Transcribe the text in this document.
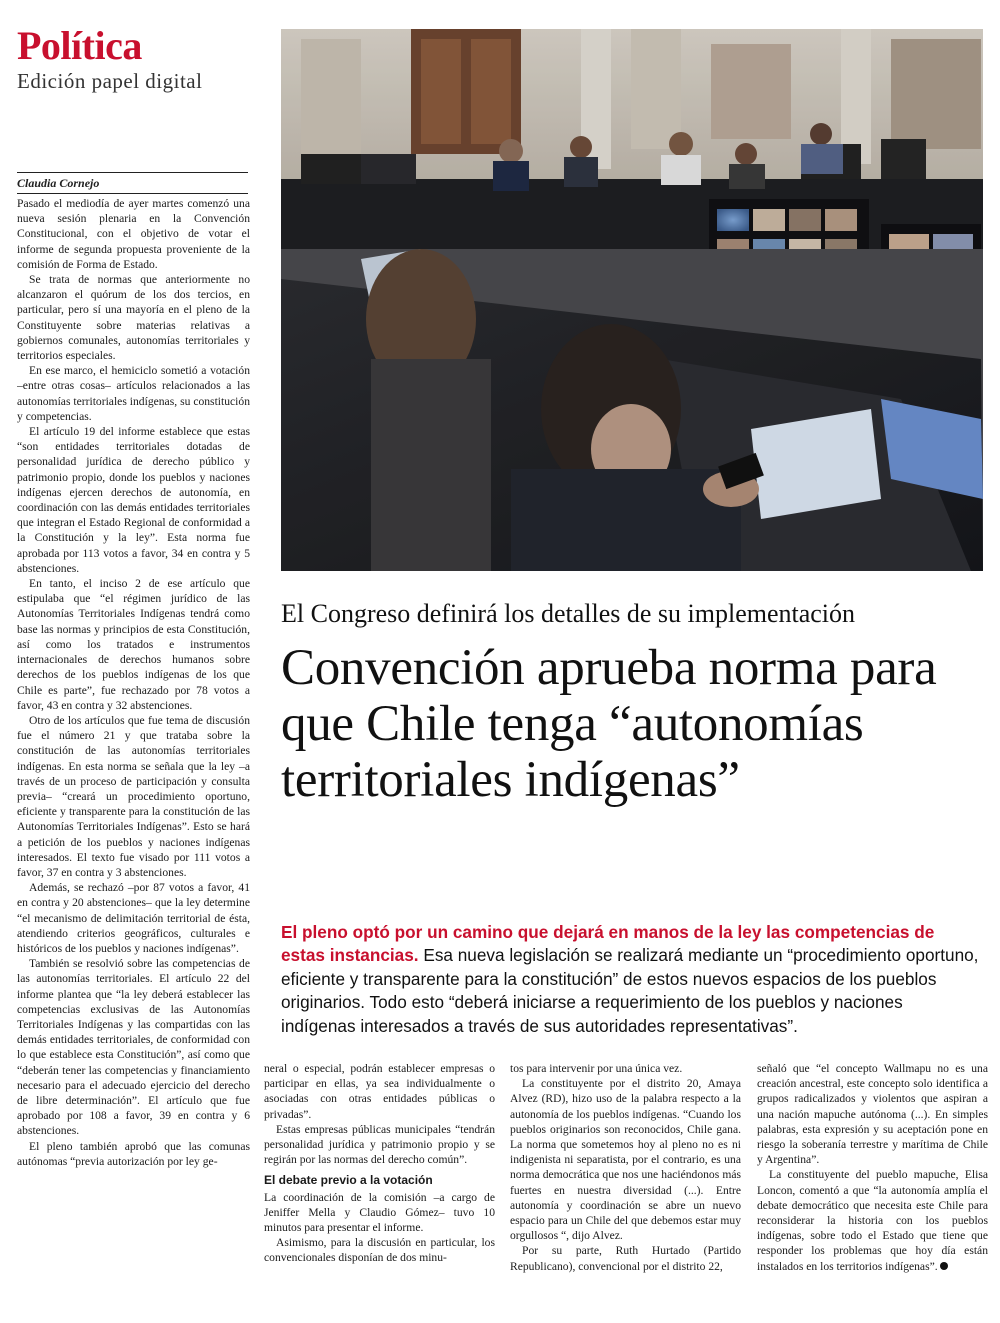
Política
Edición papel digital
Claudia Cornejo

Pasado el mediodía de ayer martes comenzó una nueva sesión plenaria en la Convención Constitucional, con el objetivo de votar el informe de segunda propuesta proveniente de la comisión de Forma de Estado.

Se trata de normas que anteriormente no alcanzaron el quórum de los dos tercios, en particular, pero sí una mayoría en el pleno de la Constituyente sobre materias relativas a gobiernos comunales, autonomías territoriales y territorios especiales.

En ese marco, el hemiciclo sometió a votación –entre otras cosas– artículos relacionados a las autonomías territoriales indígenas, su constitución y competencias.

El artículo 19 del informe establece que estas “son entidades territoriales dotadas de personalidad jurídica de derecho público y patrimonio propio, donde los pueblos y naciones indígenas ejercen derechos de autonomía, en coordinación con las demás entidades territoriales que integran el Estado Regional de conformidad a la Constitución y la ley”. Esta norma fue aprobada por 113 votos a favor, 34 en contra y 5 abstenciones.

En tanto, el inciso 2 de ese artículo que estipulaba que “el régimen jurídico de las Autonomías Territoriales Indígenas tendrá como base las normas y principios de esta Constitución, así como los tratados e instrumentos internacionales de derechos humanos sobre derechos de los pueblos indígenas de los que Chile es parte”, fue rechazado por 78 votos a favor, 43 en contra y 32 abstenciones.

Otro de los artículos que fue tema de discusión fue el número 21 y que trataba sobre la constitución de las autonomías territoriales indígenas. En esta norma se señala que la ley –a través de un proceso de participación y consulta previa– “creará un procedimiento oportuno, eficiente y transparente para la constitución de las Autonomías Territoriales Indígenas”. Esto se hará a petición de los pueblos y naciones indígenas interesados. El texto fue visado por 111 votos a favor, 37 en contra y 3 abstenciones.

Además, se rechazó –por 87 votos a favor, 41 en contra y 20 abstenciones– que la ley determine “el mecanismo de delimitación territorial de ésta, atendiendo criterios geográficos, culturales e históricos de los pueblos y naciones indígenas”.

También se resolvió sobre las competencias de las autonomías territoriales. El artículo 22 del informe plantea que “la ley deberá establecer las competencias exclusivas de las Autonomías Territoriales Indígenas y las compartidas con las demás entidades territoriales, de conformidad con lo que establece esta Constitución”, así como que “deberán tener las competencias y financiamiento necesario para el adecuado ejercicio del derecho de libre determinación”. El artículo que fue aprobado por 108 a favor, 39 en contra y 6 abstenciones.

El pleno también aprobó que las comunas autónomas “previa autorización por ley ge-

El Congreso definirá los detalles de su implementación
Convención aprueba norma para que Chile tenga “autonomías territoriales indígenas”

El pleno optó por un camino que dejará en manos de la ley las competencias de estas instancias. Esa nueva legislación se realizará mediante un “procedimiento oportuno, eficiente y transparente para la constitución” de estos nuevos espacios de los pueblos originarios. Todo esto “deberá iniciarse a requerimiento de los pueblos y naciones indígenas interesados a través de sus autoridades representativas”.

neral o especial, podrán establecer empresas o participar en ellas, ya sea individualmente o asociadas con otras entidades públicas o privadas”.

Estas empresas públicas municipales “tendrán personalidad jurídica y patrimonio propio y se regirán por las normas del derecho común”.

El debate previo a la votación

La coordinación de la comisión –a cargo de Jeniffer Mella y Claudio Gómez– tuvo 10 minutos para presentar el informe.

Asimismo, para la discusión en particular, los convencionales disponían de dos minu-

tos para intervenir por una única vez.

La constituyente por el distrito 20, Amaya Alvez (RD), hizo uso de la palabra respecto a la autonomía de los pueblos indígenas. “Cuando los pueblos originarios son reconocidos, Chile gana. La norma que sometemos hoy al pleno no es ni indigenista ni separatista, por el contrario, es una norma democrática que nos une haciéndonos más fuertes en nuestra diversidad (...). Entre autonomía y coordinación se abre un nuevo espacio para un Chile del que debemos estar muy orgullosos “, dijo Alvez.

Por su parte, Ruth Hurtado (Partido Republicano), convencional por el distrito 22,

señaló que “el concepto Wallmapu no es una creación ancestral, este concepto solo identifica a grupos radicalizados y violentos que aspiran a una nación mapuche autónoma (...). En simples palabras, esta expresión y su aceptación pone en riesgo la soberanía terrestre y marítima de Chile y Argentina”.

La constituyente del pueblo mapuche, Elisa Loncon, comentó a que “la autonomía amplía el debate democrático que necesita este Chile para reconsiderar la historia con los pueblos indígenas, sobre todo el Estado que tiene que responder los problemas que hoy día están instalados en los territorios indígenas”.
